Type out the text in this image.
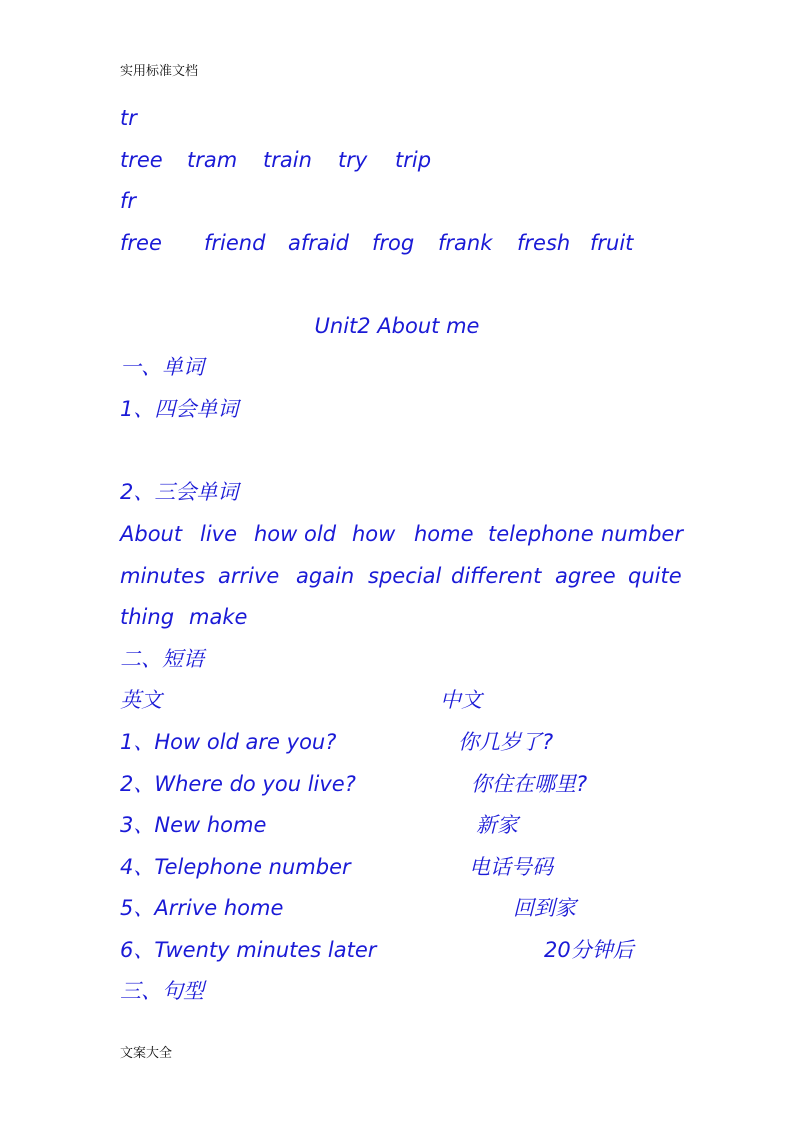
实用标准文档
tr
tree tram train try trip
fr
free friend afraid frog frank fresh fruit
Unit2 About me
一、单词
1、四会单词
2、三会单词
About live how old how home telephone number
minutes arrive again special different agree quite
thing make
二、短语
英文	中文
1、How old are you?	你几岁了?
2、Where do you live?	你住在哪里?
3、New home	新家
4、Telephone number	电话号码
5、Arrive home	回到家
6、Twenty minutes later	20分钟后
三、句型
文案大全
